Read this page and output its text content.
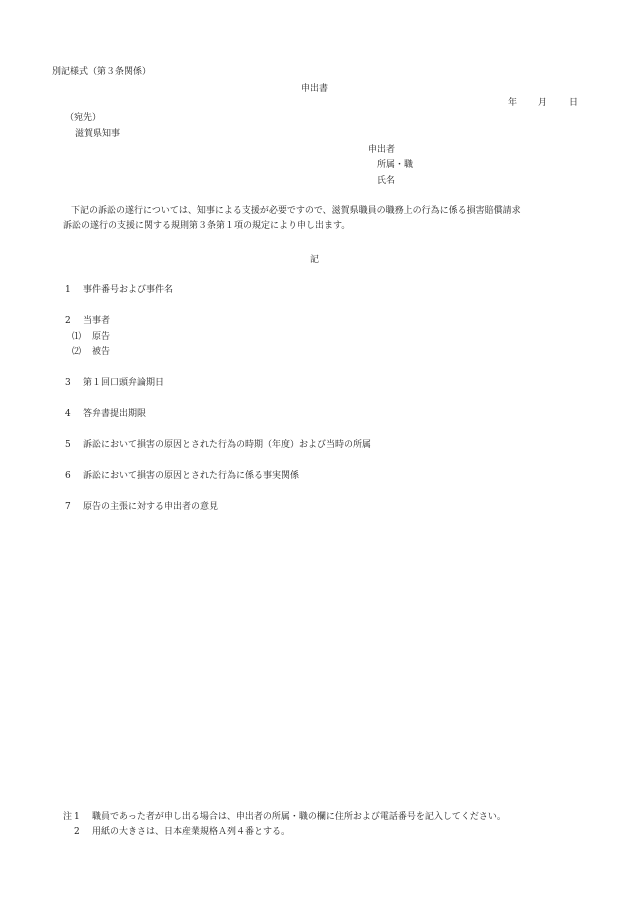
別記様式（第３条関係）
申出書
年 月 日
（宛先）
滋賀県知事
申出者
所属・職
氏名
下記の訴訟の遂行については、知事による支援が必要ですので、滋賀県職員の職務上の行為に係る損害賠償請求
訴訟の遂行の支援に関する規則第３条第１項の規定により申し出ます。
記
1 事件番号および事件名
2 当事者
⑴ 原告
⑵ 被告
3 第１回口頭弁論期日
4 答弁書提出期限
5 訴訟において損害の原因とされた行為の時期（年度）および当時の所属
6 訴訟において損害の原因とされた行為に係る事実関係
7 原告の主張に対する申出者の意見
注 1 職員であった者が申し出る場合は、申出者の所属・職の欄に住所および電話番号を記入してください。
2 用紙の大きさは、日本産業規格Ａ列４番とする。
